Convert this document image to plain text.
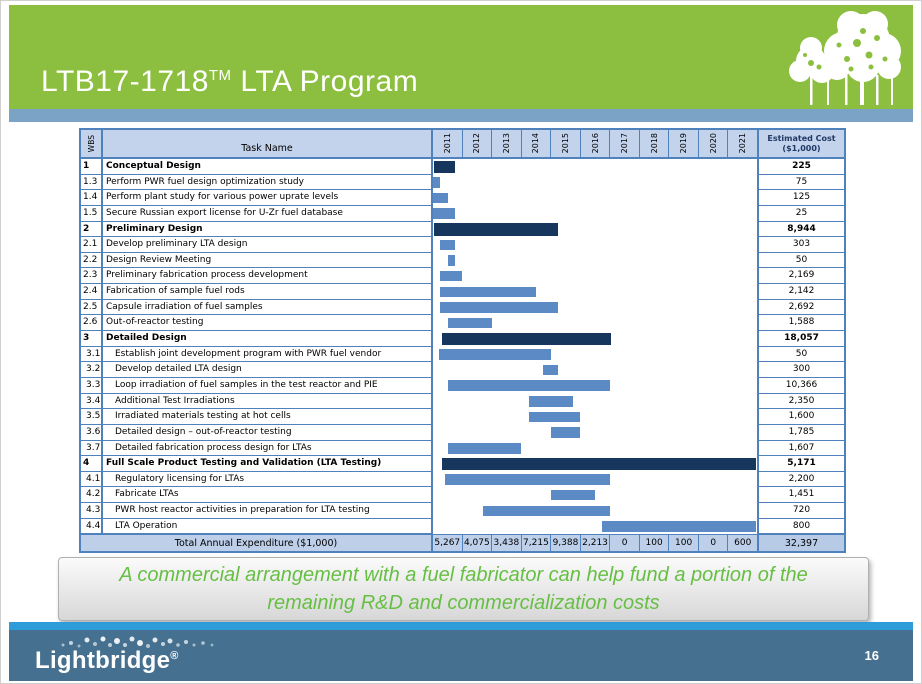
LTB17-1718™ LTA Program
WBS	Task Name	2011	2012	2013	2014	2015	2016	2017	2018	2019	2020	2021	Estimated Cost
($1,000)
1	Conceptual Design	225
1.3 Perform PWR fuel design optimization study	75
1.4 Perform plant study for various power uprate levels	125
1.5 Secure Russian export license for U-Zr fuel database	25
2	Preliminary Design	8,944
2.1 Develop preliminary LTA design	303
2.2 Design Review Meeting	50
2.3 Preliminary fabrication process development	2,169
2.4 Fabrication of sample fuel rods	2,142
2.5 Capsule irradiation of fuel samples	2,692
2.6 Out-of-reactor testing	1,588
3	Detailed Design	18,057
3.1	Establish joint development program with PWR fuel vendor	50
3.2	Develop detailed LTA design	300
3.3	Loop irradiation of fuel samples in the test reactor and PIE	10,366
3.4	Additional Test Irradiations	2,350
3.5	Irradiated materials testing at hot cells	1,600
3.6	Detailed design – out-of-reactor testing	1,785
3.7	Detailed fabrication process design for LTAs	1,607
4	Full Scale Product Testing and Validation (LTA Testing)	5,171
4.1	Regulatory licensing for LTAs	2,200
4.2	Fabricate LTAs	1,451
4.3	PWR host reactor activities in preparation for LTA testing	720
4.4	LTA Operation	800
Total Annual Expenditure ($1,000)	5,267 4,075 3,438 7,215 9,388 2,213	0	100	100	0	600	32,397
A commercial arrangement with a fuel fabricator can help fund a portion of the
remaining R&D and commercialization costs
Lightbridge®	16
